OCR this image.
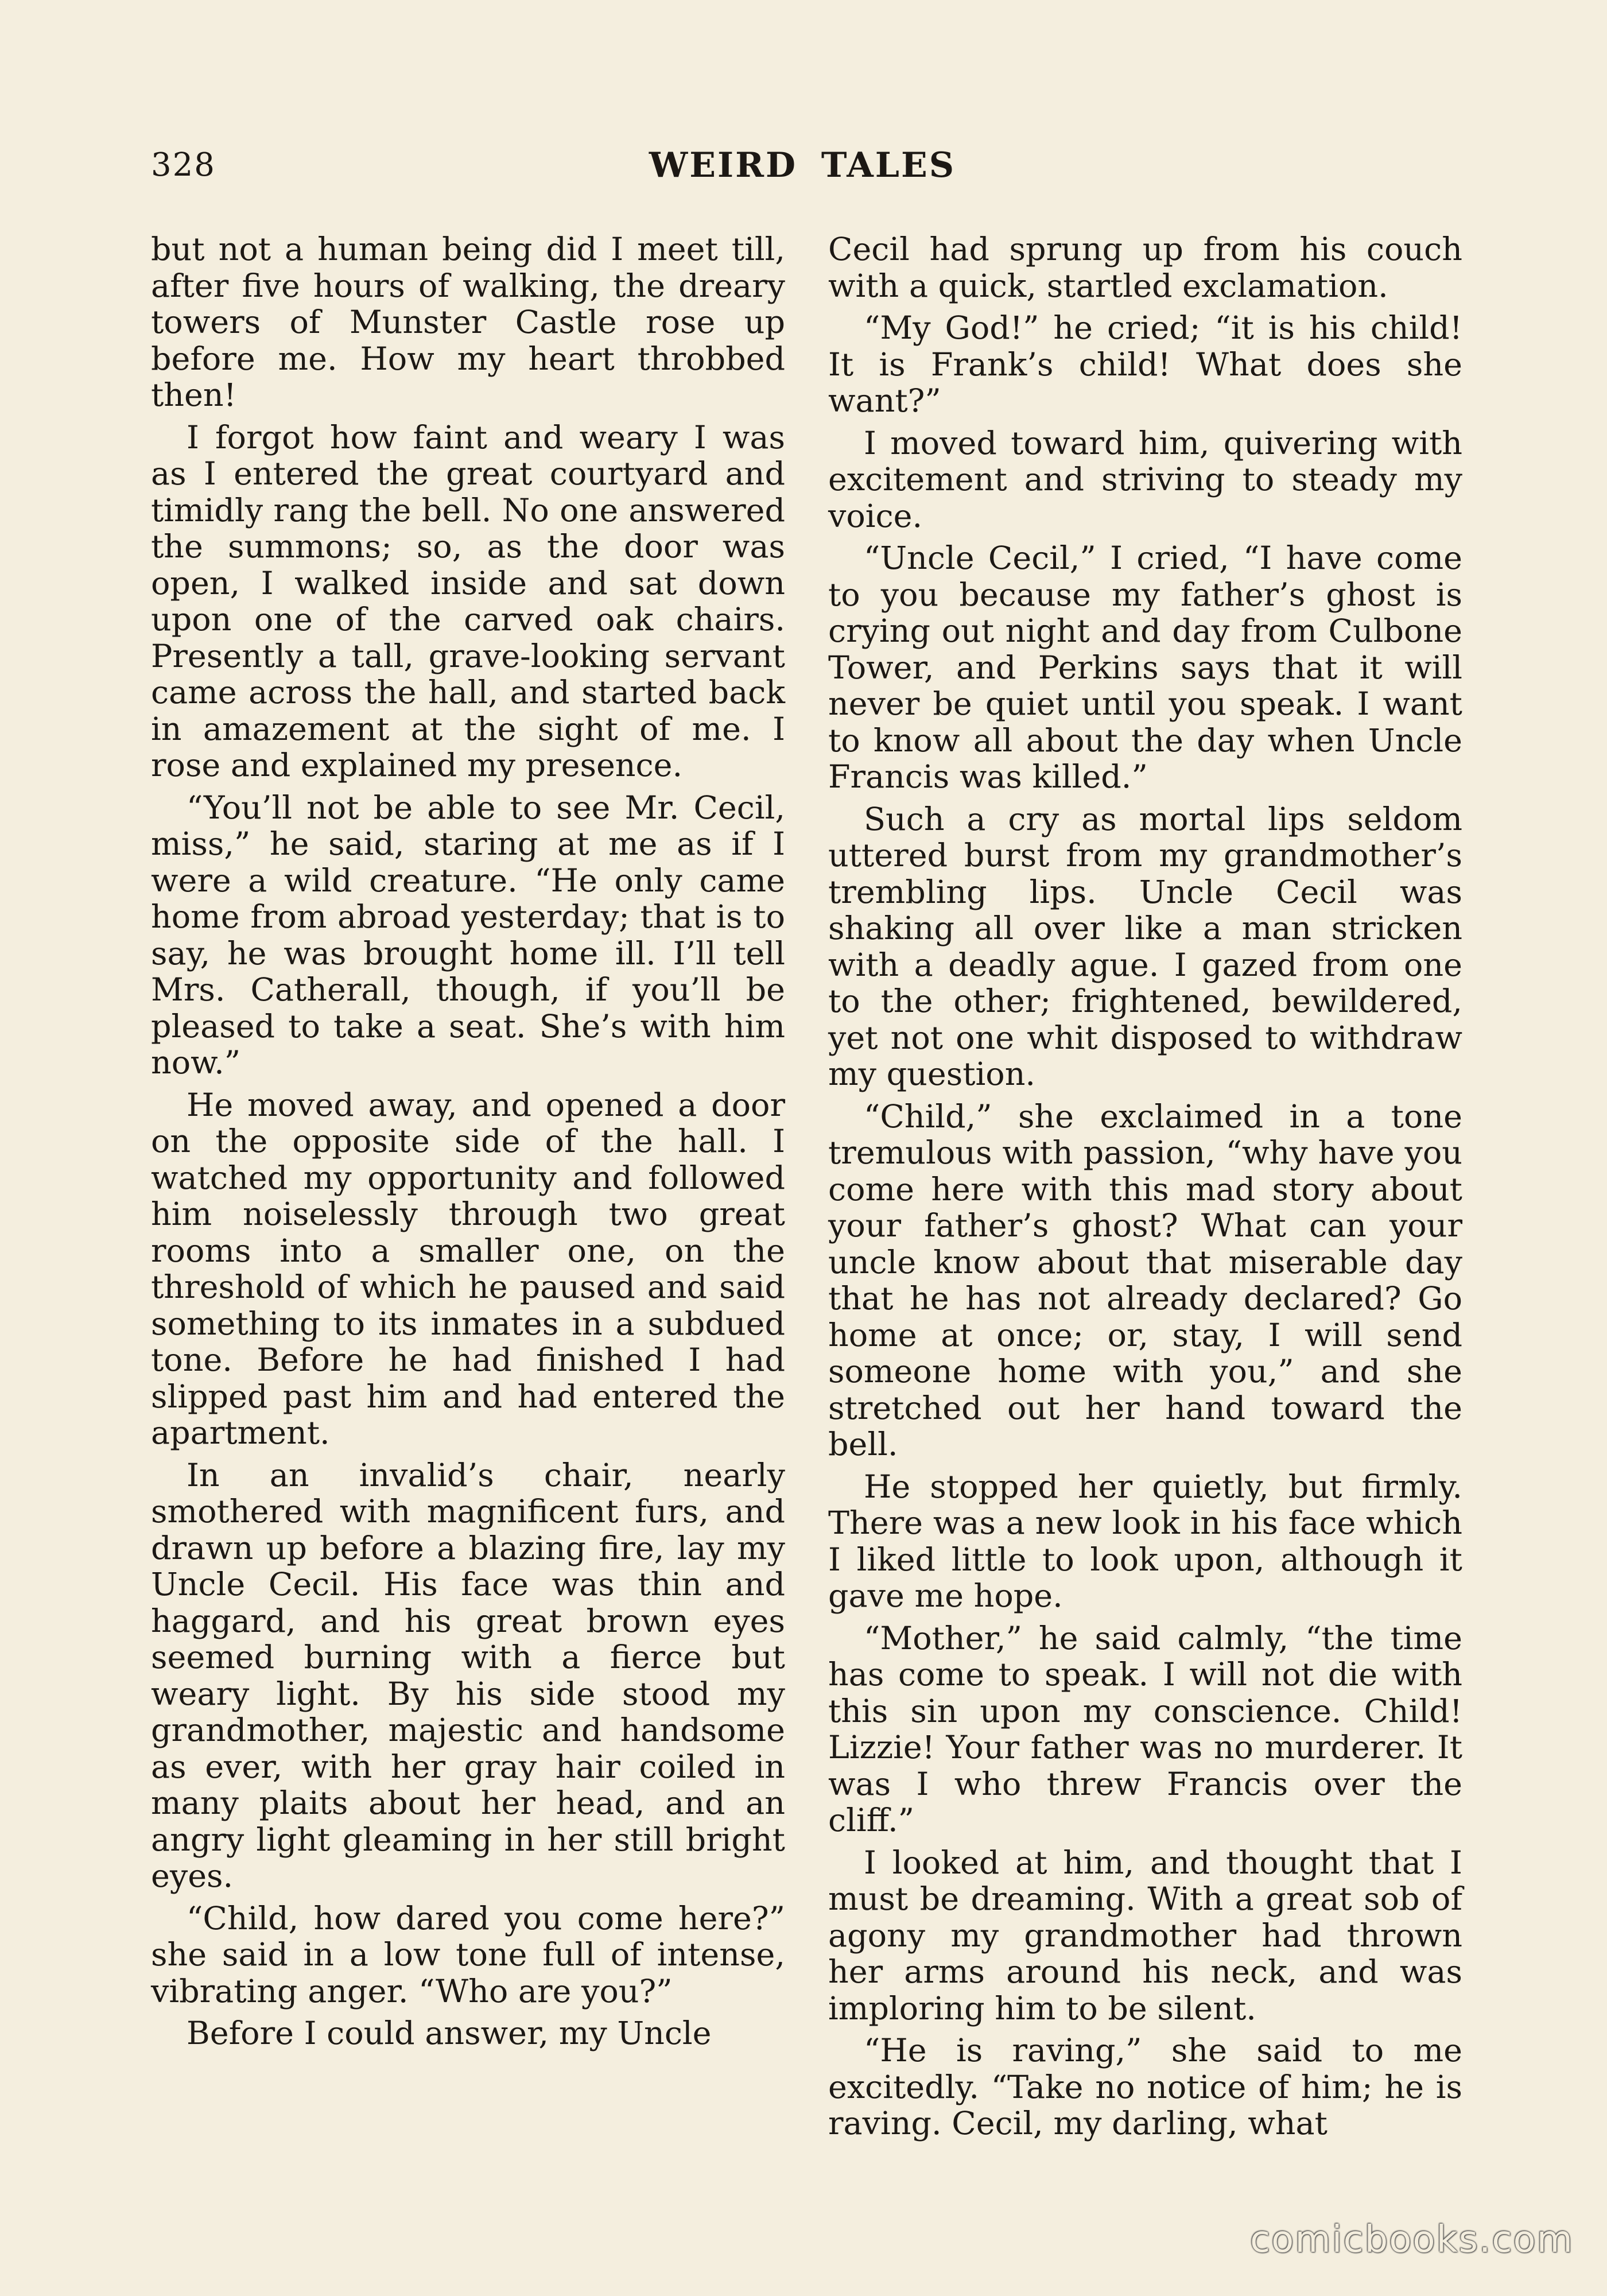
328	WEIRD TALES

but not a human being did I meet till, after five hours of walking, the dreary towers of Munster Castle rose up before me. How my heart throbbed then!

I forgot how faint and weary I was as I entered the great courtyard and timidly rang the bell. No one answered the summons; so, as the door was open, I walked inside and sat down upon one of the carved oak chairs. Presently a tall, grave-looking servant came across the hall, and started back in amazement at the sight of me. I rose and explained my presence.

“You’ll not be able to see Mr. Cecil, miss,” he said, staring at me as if I were a wild creature. “He only came home from abroad yesterday; that is to say, he was brought home ill. I’ll tell Mrs. Catherall, though, if you’ll be pleased to take a seat. She’s with him now.”

He moved away, and opened a door on the opposite side of the hall. I watched my opportunity and followed him noiselessly through two great rooms into a smaller one, on the threshold of which he paused and said something to its inmates in a subdued tone. Before he had finished I had slipped past him and had entered the apartment.

In an invalid’s chair, nearly smothered with magnificent furs, and drawn up before a blazing fire, lay my Uncle Cecil. His face was thin and haggard, and his great brown eyes seemed burning with a fierce but weary light. By his side stood my grandmother, majestic and handsome as ever, with her gray hair coiled in many plaits about her head, and an angry light gleaming in her still bright eyes.

“Child, how dared you come here?” she said in a low tone full of intense, vibrating anger. “Who are you?”

Before I could answer, my Uncle

Cecil had sprung up from his couch with a quick, startled exclamation.

“My God!” he cried; “it is his child! It is Frank’s child! What does she want?”

I moved toward him, quivering with excitement and striving to steady my voice.

“Uncle Cecil,” I cried, “I have come to you because my father’s ghost is crying out night and day from Culbone Tower, and Perkins says that it will never be quiet until you speak. I want to know all about the day when Uncle Francis was killed.”

Such a cry as mortal lips seldom uttered burst from my grandmother’s trembling lips. Uncle Cecil was shaking all over like a man stricken with a deadly ague. I gazed from one to the other; frightened, bewildered, yet not one whit disposed to withdraw my question.

“Child,” she exclaimed in a tone tremulous with passion, “why have you come here with this mad story about your father’s ghost? What can your uncle know about that miserable day that he has not already declared? Go home at once; or, stay, I will send someone home with you,” and she stretched out her hand toward the bell.

He stopped her quietly, but firmly. There was a new look in his face which I liked little to look upon, although it gave me hope.

“Mother,” he said calmly, “the time has come to speak. I will not die with this sin upon my conscience. Child! Lizzie! Your father was no murderer. It was I who threw Francis over the cliff.”

I looked at him, and thought that I must be dreaming. With a great sob of agony my grandmother had thrown her arms around his neck, and was imploring him to be silent.

“He is raving,” she said to me excitedly. “Take no notice of him; he is raving. Cecil, my darling, what

comicbooks.com
